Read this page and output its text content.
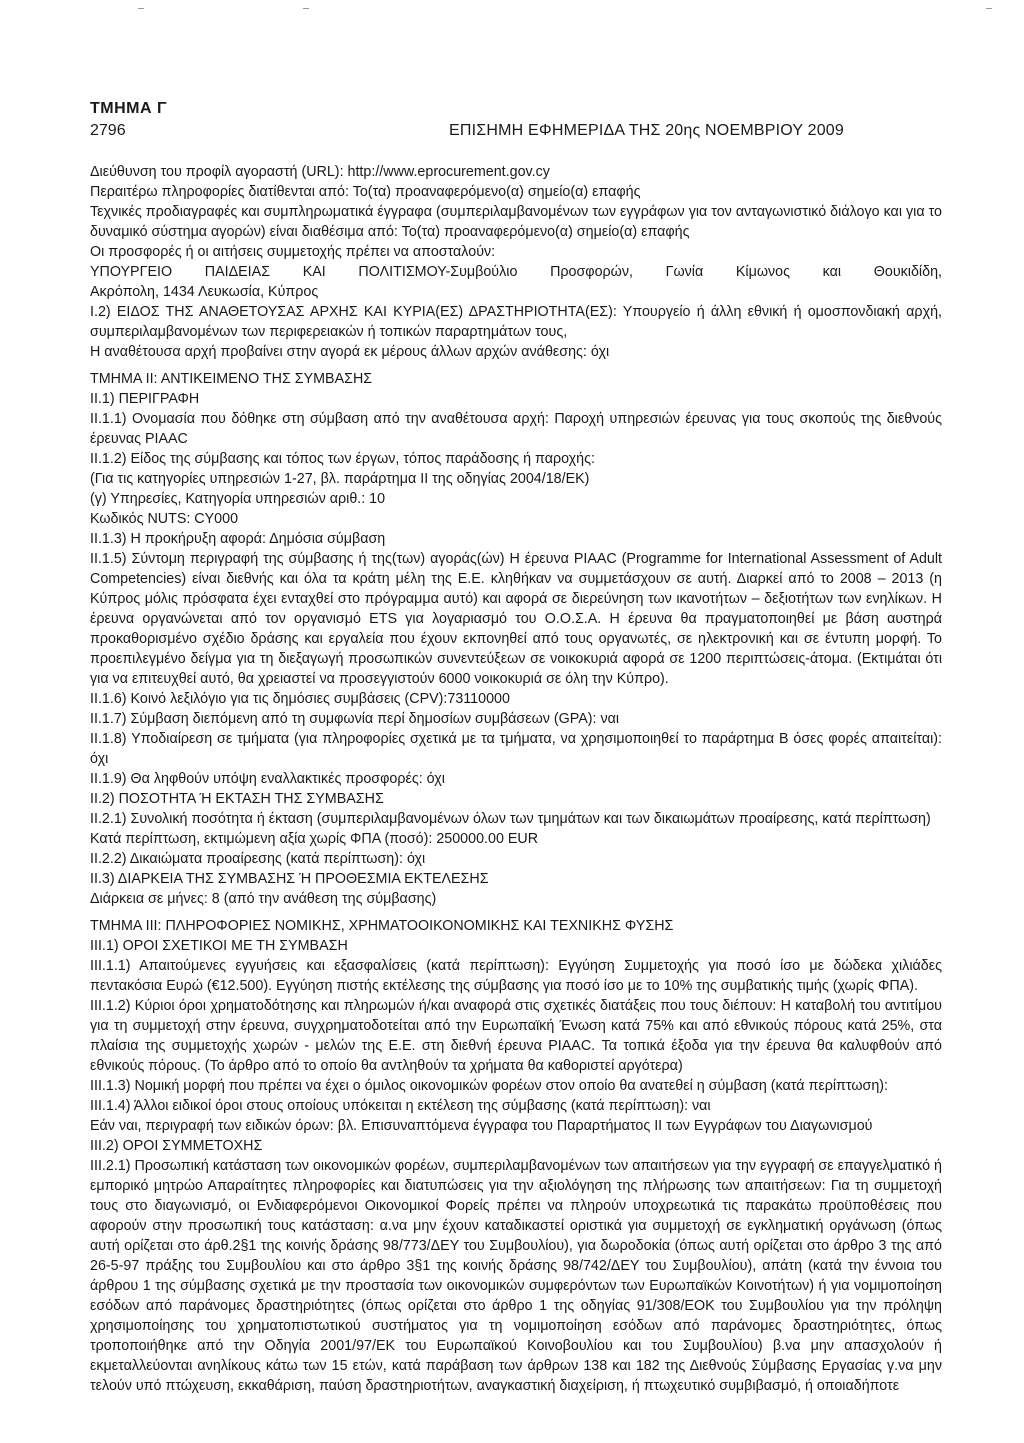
ΤΜΗΜΑ Γ
2796	ΕΠΙΣΗΜΗ ΕΦΗΜΕΡΙΔΑ ΤΗΣ 20ης ΝΟΕΜΒΡΙΟΥ 2009

Διεύθυνση του προφίλ αγοραστή (URL): http://www.eprocurement.gov.cy

Περαιτέρω πληροφορίες διατίθενται από: Το(τα) προαναφερόμενο(α) σημείο(α) επαφής

Τεχνικές προδιαγραφές και συμπληρωματικά έγγραφα (συμπεριλαμβανομένων των εγγράφων για τον ανταγωνιστικό διάλογο και για το δυναμικό σύστημα αγορών) είναι διαθέσιμα από: Το(τα) προαναφερόμενο(α) σημείο(α) επαφής

Οι προσφορές ή οι αιτήσεις συμμετοχής πρέπει να αποσταλούν:

ΥΠΟΥΡΓΕΙΟ ΠΑΙΔΕΙΑΣ ΚΑΙ ΠΟΛΙΤΙΣΜΟΥ-Συμβούλιο Προσφορών, Γωνία Κίμωνος και Θουκιδίδη,

Ακρόπολη, 1434 Λευκωσία, Κύπρος

Ι.2) ΕΙΔΟΣ ΤΗΣ ΑΝΑΘΕΤΟΥΣΑΣ ΑΡΧΗΣ ΚΑΙ ΚΥΡΙΑ(ΕΣ) ΔΡΑΣΤΗΡΙΟΤΗΤΑ(ΕΣ): Υπουργείο ή άλλη εθνική ή ομοσπονδιακή αρχή, συμπεριλαμβανομένων των περιφερειακών ή τοπικών παραρτημάτων τους,

Η αναθέτουσα αρχή προβαίνει στην αγορά εκ μέρους άλλων αρχών ανάθεσης: όχι

ΤΜΗΜΑ ΙΙ: ΑΝΤΙΚΕΙΜΕΝΟ ΤΗΣ ΣΥΜΒΑΣΗΣ

ΙΙ.1) ΠΕΡΙΓΡΑΦΗ

ΙΙ.1.1) Ονομασία που δόθηκε στη σύμβαση από την αναθέτουσα αρχή: Παροχή υπηρεσιών έρευνας για τους σκοπούς της διεθνούς έρευνας PIAAC

ΙΙ.1.2) Είδος της σύμβασης και τόπος των έργων, τόπος παράδοσης ή παροχής:

(Για τις κατηγορίες υπηρεσιών 1-27, βλ. παράρτημα ΙΙ της οδηγίας 2004/18/ΕΚ)

(γ) Υπηρεσίες, Κατηγορία υπηρεσιών αριθ.: 10

Κωδικός NUTS: CY000

ΙΙ.1.3) Η προκήρυξη αφορά: Δημόσια σύμβαση

ΙΙ.1.5) Σύντομη περιγραφή της σύμβασης ή της(των) αγοράς(ών) Η έρευνα PIAAC (Programme for International Assessment of Adult Competencies) είναι διεθνής και όλα τα κράτη μέλη της Ε.Ε. κληθήκαν να συμμετάσχουν σε αυτή. Διαρκεί από το 2008 – 2013 (η Κύπρος μόλις πρόσφατα έχει ενταχθεί στο πρόγραμμα αυτό) και αφορά σε διερεύνηση των ικανοτήτων – δεξιοτήτων των ενηλίκων. Η έρευνα οργανώνεται από τον οργανισμό ETS για λογαριασμό του Ο.Ο.Σ.Α. Η έρευνα θα πραγματοποιηθεί με βάση αυστηρά προκαθορισμένο σχέδιο δράσης και εργαλεία που έχουν εκπονηθεί από τους οργανωτές, σε ηλεκτρονική και σε έντυπη μορφή. Το προεπιλεγμένο δείγμα για τη διεξαγωγή προσωπικών συνεντεύξεων σε νοικοκυριά αφορά σε 1200 περιπτώσεις-άτομα. (Εκτιμάται ότι για να επιτευχθεί αυτό, θα χρειαστεί να προσεγγιστούν 6000 νοικοκυριά σε όλη την Κύπρο).

ΙΙ.1.6) Κοινό λεξιλόγιο για τις δημόσιες συμβάσεις (CPV):73110000

ΙΙ.1.7) Σύμβαση διεπόμενη από τη συμφωνία περί δημοσίων συμβάσεων (GPA): ναι

ΙΙ.1.8) Υποδιαίρεση σε τμήματα (για πληροφορίες σχετικά με τα τμήματα, να χρησιμοποιηθεί το παράρτημα Β όσες φορές απαιτείται): όχι

ΙΙ.1.9) Θα ληφθούν υπόψη εναλλακτικές προσφορές: όχι

ΙΙ.2) ΠΟΣΟΤΗΤΑ Ή ΕΚΤΑΣΗ ΤΗΣ ΣΥΜΒΑΣΗΣ

ΙΙ.2.1) Συνολική ποσότητα ή έκταση (συμπεριλαμβανομένων όλων των τμημάτων και των δικαιωμάτων προαίρεσης, κατά περίπτωση)

Κατά περίπτωση, εκτιμώμενη αξία χωρίς ΦΠΑ (ποσό): 250000.00 EUR

ΙΙ.2.2) Δικαιώματα προαίρεσης (κατά περίπτωση): όχι

ΙΙ.3) ΔΙΑΡΚΕΙΑ ΤΗΣ ΣΥΜΒΑΣΗΣ Ή ΠΡΟΘΕΣΜΙΑ ΕΚΤΕΛΕΣΗΣ

Διάρκεια σε μήνες: 8 (από την ανάθεση της σύμβασης)

ΤΜΗΜΑ ΙΙΙ: ΠΛΗΡΟΦΟΡΙΕΣ ΝΟΜΙΚΗΣ, ΧΡΗΜΑΤΟΟΙΚΟΝΟΜΙΚΗΣ ΚΑΙ ΤΕΧΝΙΚΗΣ ΦΥΣΗΣ

ΙΙΙ.1) ΟΡΟΙ ΣΧΕΤΙΚΟΙ ΜΕ ΤΗ ΣΥΜΒΑΣΗ

ΙΙΙ.1.1) Απαιτούμενες εγγυήσεις και εξασφαλίσεις (κατά περίπτωση): Εγγύηση Συμμετοχής για ποσό ίσο με δώδεκα χιλιάδες πεντακόσια Ευρώ (€12.500). Εγγύηση πιστής εκτέλεσης της σύμβασης για ποσό ίσο με το 10% της συμβατικής τιμής (χωρίς ΦΠΑ).

ΙΙΙ.1.2) Κύριοι όροι χρηματοδότησης και πληρωμών ή/και αναφορά στις σχετικές διατάξεις που τους διέπουν: Η καταβολή του αντιτίμου για τη συμμετοχή στην έρευνα, συγχρηματοδοτείται από την Ευρωπαϊκή Ένωση κατά 75% και από εθνικούς πόρους κατά 25%, στα πλαίσια της συμμετοχής χωρών - μελών της Ε.Ε. στη διεθνή έρευνα PIAAC. Τα τοπικά έξοδα για την έρευνα θα καλυφθούν από εθνικούς πόρους. (Το άρθρο από το οποίο θα αντληθούν τα χρήματα θα καθοριστεί αργότερα)

ΙΙΙ.1.3) Νομική μορφή που πρέπει να έχει ο όμιλος οικονομικών φορέων στον οποίο θα ανατεθεί η σύμβαση (κατά περίπτωση):

ΙΙΙ.1.4) Άλλοι ειδικοί όροι στους οποίους υπόκειται η εκτέλεση της σύμβασης (κατά περίπτωση): ναι

Εάν ναι, περιγραφή των ειδικών όρων: βλ. Επισυναπτόμενα έγγραφα του Παραρτήματος ΙΙ των Εγγράφων του Διαγωνισμού

ΙΙΙ.2) ΟΡΟΙ ΣΥΜΜΕΤΟΧΗΣ

ΙΙΙ.2.1) Προσωπική κατάσταση των οικονομικών φορέων, συμπεριλαμβανομένων των απαιτήσεων για την εγγραφή σε επαγγελματικό ή εμπορικό μητρώο Απαραίτητες πληροφορίες και διατυπώσεις για την αξιολόγηση της πλήρωσης των απαιτήσεων: Για τη συμμετοχή τους στο διαγωνισμό, οι Ενδιαφερόμενοι Οικονομικοί Φορείς πρέπει να πληρούν υποχρεωτικά τις παρακάτω προϋποθέσεις που αφορούν στην προσωπική τους κατάσταση: α.να μην έχουν καταδικαστεί οριστικά για συμμετοχή σε εγκληματική οργάνωση (όπως αυτή ορίζεται στο άρθ.2§1 της κοινής δράσης 98/773/ΔΕΥ του Συμβουλίου), για δωροδοκία (όπως αυτή ορίζεται στο άρθρο 3 της από 26-5-97 πράξης του Συμβουλίου και στο άρθρο 3§1 της κοινής δράσης 98/742/ΔΕΥ του Συμβουλίου), απάτη (κατά την έννοια του άρθρου 1 της σύμβασης σχετικά με την προστασία των οικονομικών συμφερόντων των Ευρωπαϊκών Κοινοτήτων) ή για νομιμοποίηση εσόδων από παράνομες δραστηριότητες (όπως ορίζεται στο άρθρο 1 της οδηγίας 91/308/ΕΟΚ του Συμβουλίου για την πρόληψη χρησιμοποίησης του χρηματοπιστωτικού συστήματος για τη νομιμοποίηση εσόδων από παράνομες δραστηριότητες, όπως τροποποιήθηκε από την Οδηγία 2001/97/ΕΚ του Ευρωπαϊκού Κοινοβουλίου και του Συμβουλίου) β.να μην απασχολούν ή εκμεταλλεύονται ανηλίκους κάτω των 15 ετών, κατά παράβαση των άρθρων 138 και 182 της Διεθνούς Σύμβασης Εργασίας γ.να μην τελούν υπό πτώχευση, εκκαθάριση, παύση δραστηριοτήτων, αναγκαστική διαχείριση, ή πτωχευτικό συμβιβασμό, ή οποιαδήποτε
